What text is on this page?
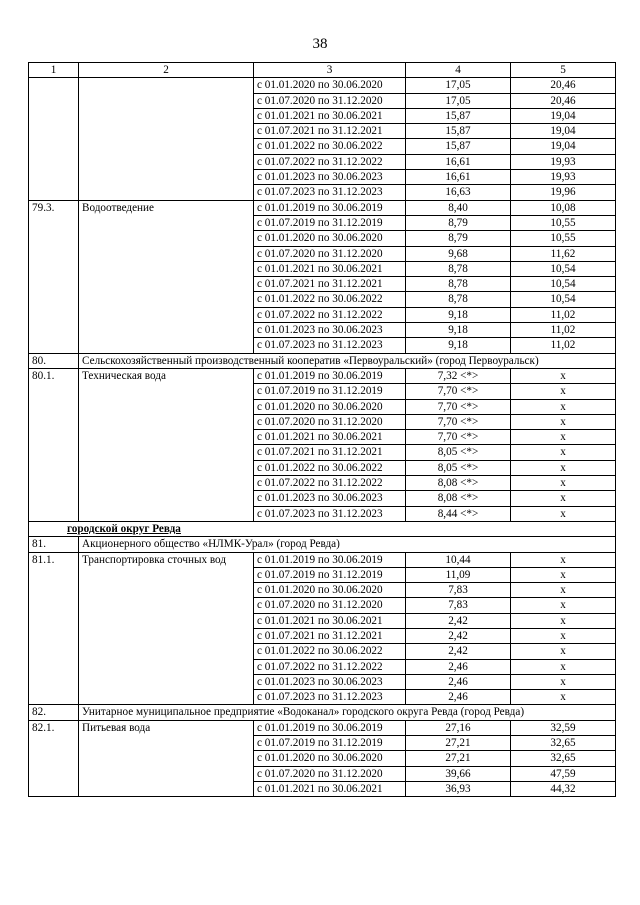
38
1	2	3	4	5
		с 01.01.2020 по 30.06.2020	17,05	20,46
		с 01.07.2020 по 31.12.2020	17,05	20,46
		с 01.01.2021 по 30.06.2021	15,87	19,04
		с 01.07.2021 по 31.12.2021	15,87	19,04
		с 01.01.2022 по 30.06.2022	15,87	19,04
		с 01.07.2022 по 31.12.2022	16,61	19,93
		с 01.01.2023 по 30.06.2023	16,61	19,93
		с 01.07.2023 по 31.12.2023	16,63	19,96
79.3.	Водоотведение	с 01.01.2019 по 30.06.2019	8,40	10,08
		с 01.07.2019 по 31.12.2019	8,79	10,55
		с 01.01.2020 по 30.06.2020	8,79	10,55
		с 01.07.2020 по 31.12.2020	9,68	11,62
		с 01.01.2021 по 30.06.2021	8,78	10,54
		с 01.07.2021 по 31.12.2021	8,78	10,54
		с 01.01.2022 по 30.06.2022	8,78	10,54
		с 01.07.2022 по 31.12.2022	9,18	11,02
		с 01.01.2023 по 30.06.2023	9,18	11,02
		с 01.07.2023 по 31.12.2023	9,18	11,02
80.	Сельскохозяйственный производственный кооператив «Первоуральский» (город Первоуральск)			
80.1.	Техническая вода	с 01.01.2019 по 30.06.2019	7,32 <*>	x
		с 01.07.2019 по 31.12.2019	7,70 <*>	x
		с 01.01.2020 по 30.06.2020	7,70 <*>	x
		с 01.07.2020 по 31.12.2020	7,70 <*>	x
		с 01.01.2021 по 30.06.2021	7,70 <*>	x
		с 01.07.2021 по 31.12.2021	8,05 <*>	x
		с 01.01.2022 по 30.06.2022	8,05 <*>	x
		с 01.07.2022 по 31.12.2022	8,08 <*>	x
		с 01.01.2023 по 30.06.2023	8,08 <*>	x
		с 01.07.2023 по 31.12.2023	8,44 <*>	x
городской округ Ревда				
81.	Акционерного общество «НЛМК-Урал» (город Ревда)			
81.1.	Транспортировка сточных вод	с 01.01.2019 по 30.06.2019	10,44	x
		с 01.07.2019 по 31.12.2019	11,09	x
		с 01.01.2020 по 30.06.2020	7,83	x
		с 01.07.2020 по 31.12.2020	7,83	x
		с 01.01.2021 по 30.06.2021	2,42	x
		с 01.07.2021 по 31.12.2021	2,42	x
		с 01.01.2022 по 30.06.2022	2,42	x
		с 01.07.2022 по 31.12.2022	2,46	x
		с 01.01.2023 по 30.06.2023	2,46	x
		с 01.07.2023 по 31.12.2023	2,46	x
82.	Унитарное муниципальное предприятие «Водоканал» городского округа Ревда (город Ревда)			
82.1.	Питьевая вода	с 01.01.2019 по 30.06.2019	27,16	32,59
		с 01.07.2019 по 31.12.2019	27,21	32,65
		с 01.01.2020 по 30.06.2020	27,21	32,65
		с 01.07.2020 по 31.12.2020	39,66	47,59
		с 01.01.2021 по 30.06.2021	36,93	44,32
